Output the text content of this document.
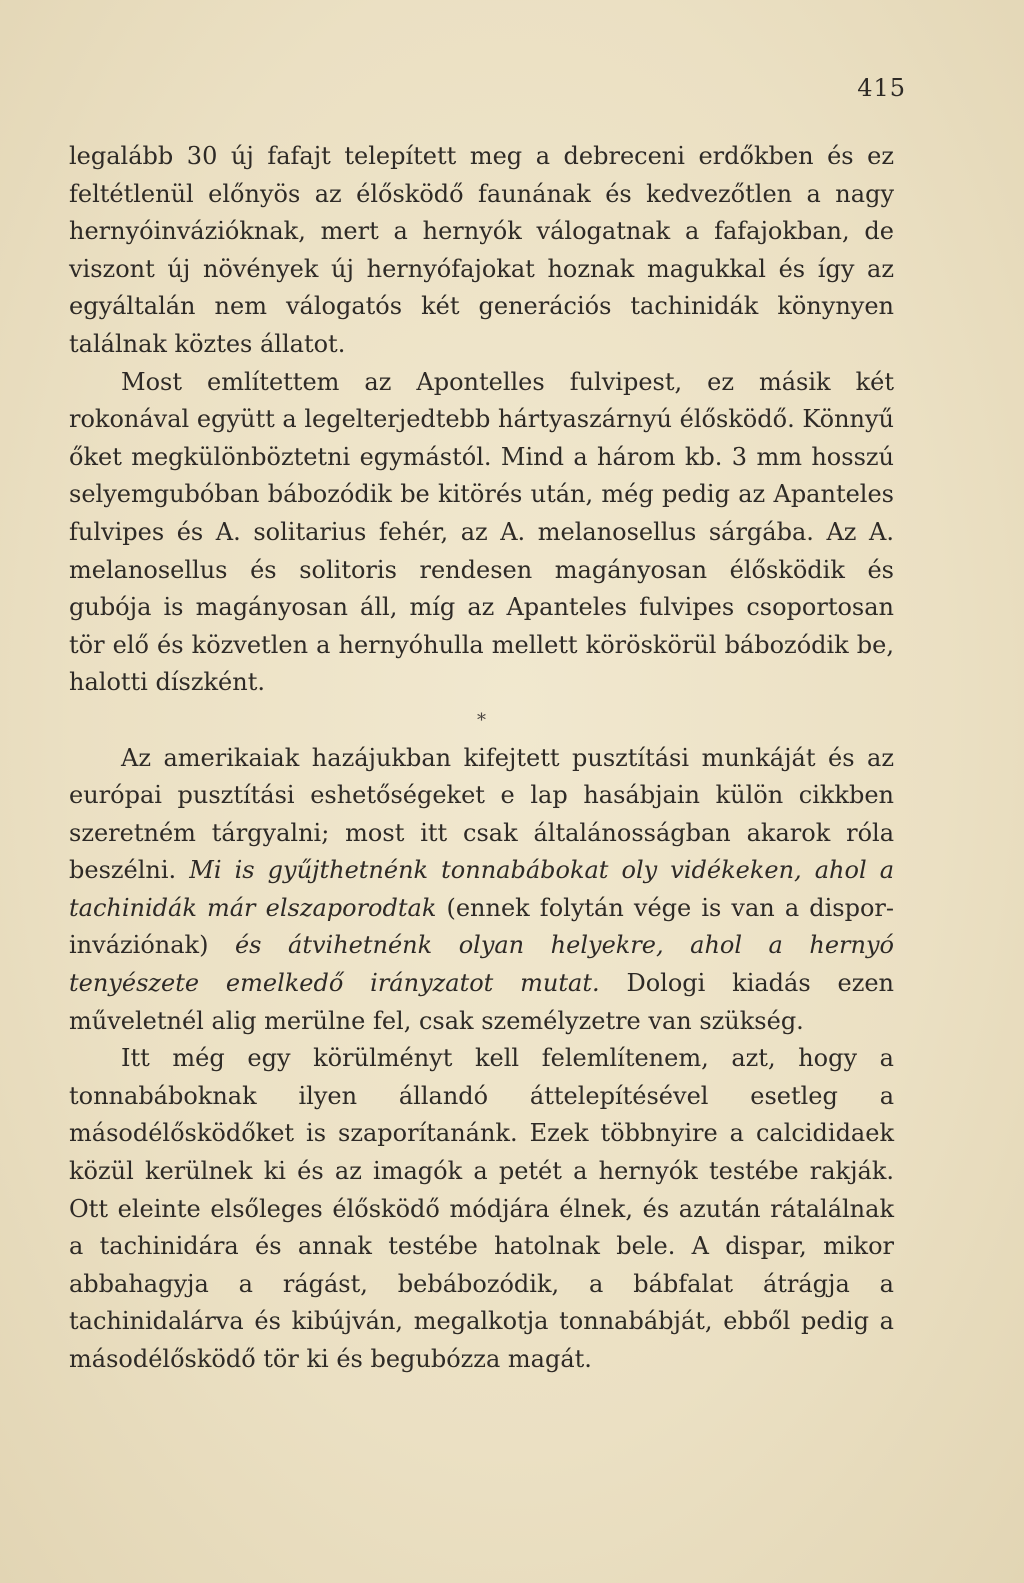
415

legalább 30 új fafajt telepített meg a debreceni erdőkben és ez feltétlenül előnyös az élősködő faunának és kedvezőtlen a nagy hernyóinvázióknak, mert a hernyók válogatnak a fafajokban, de viszont új növények új hernyófajokat hoznak magukkal és így az egyáltalán nem válogatós két generációs tachinidák könynyen találnak köztes állatot.

Most említettem az Apontelles fulvipest, ez másik két rokonával együtt a legelterjedtebb hártyaszárnyú élősködő. Könnyű őket megkülönböztetni egymástól. Mind a három kb. 3 mm hosszú selyemgubóban bábozódik be kitörés után, még pedig az Apanteles fulvipes és A. solitarius fehér, az A. melanosellus sárgába. Az A. melanosellus és solitoris rendesen magányosan élősködik és gubója is magányosan áll, míg az Apanteles fulvipes csoportosan tör elő és közvetlen a hernyóhulla mellett köröskörül bábozódik be, halotti díszként.

*

Az amerikaiak hazájukban kifejtett pusztítási munkáját és az európai pusztítási eshetőségeket e lap hasábjain külön cikkben szeretném tárgyalni; most itt csak általánosságban akarok róla beszélni. Mi is gyűjthetnénk tonnabábokat oly vidékeken, ahol a tachinidák már elszaporodtak (ennek folytán vége is van a dispor-inváziónak) és átvihetnénk olyan helyekre, ahol a hernyó tenyészete emelkedő irányzatot mutat. Dologi kiadás ezen műveletnél alig merülne fel, csak személyzetre van szükség.

Itt még egy körülményt kell felemlítenem, azt, hogy a tonnabáboknak ilyen állandó áttelepítésével esetleg a másodélősködőket is szaporítanánk. Ezek többnyire a calcididaek közül kerülnek ki és az imagók a petét a hernyók testébe rakják. Ott eleinte elsőleges élősködő módjára élnek, és azután rátalálnak a tachinidára és annak testébe hatolnak bele. A dispar, mikor abbahagyja a rágást, bebábozódik, a bábfalat átrágja a tachinidalárva és kibújván, megalkotja tonnabábját, ebből pedig a másodélősködő tör ki és begubózza magát.
